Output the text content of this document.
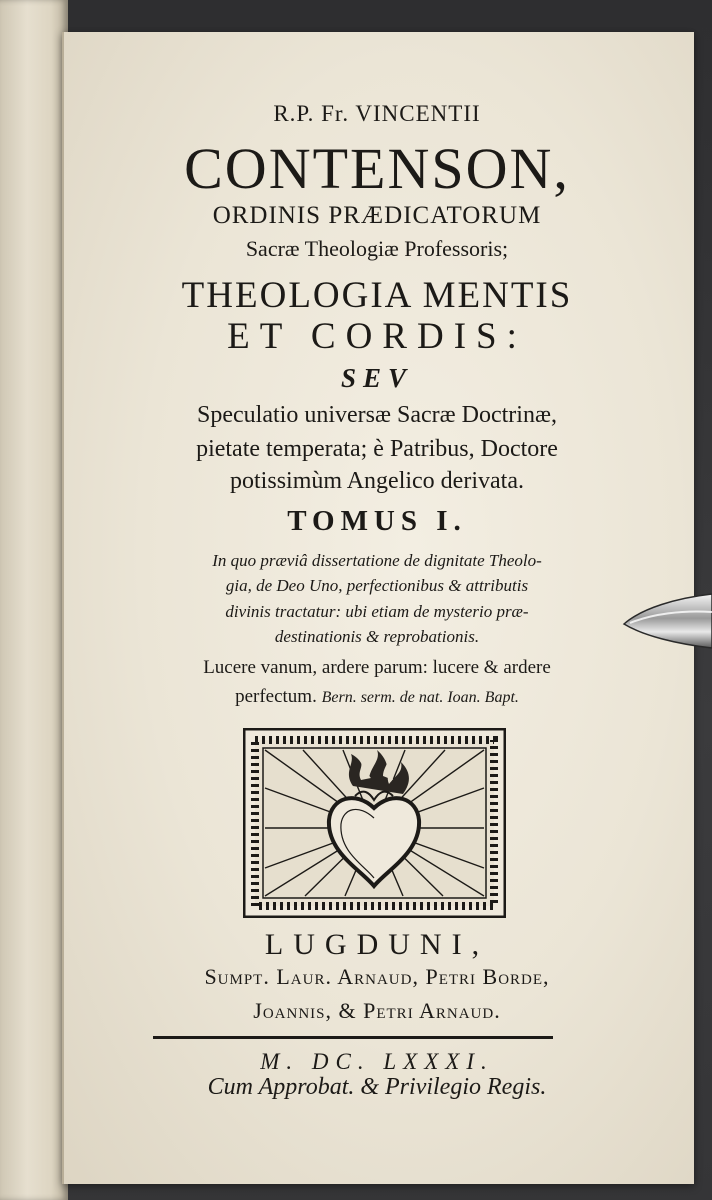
R.P. Fr. VINCENTII
CONTENSON,
ORDINIS PRÆDICATORUM
Sacræ Theologiæ Professoris;
THEOLOGIA MENTIS
ET CORDIS:
SEV
Speculatio universæ Sacræ Doctrinæ,
pietate temperata; è Patribus, Doctore
potissimùm Angelico derivata.
TOMUS I.
In quo præviâ dissertatione de dignitate Theolo-
gia, de Deo Uno, perfectionibus & attributis
divinis tractatur: ubi etiam de mysterio præ-
destinationis & reprobationis.
Lucere vanum, ardere parum: lucere & ardere
perfectum. Bern. serm. de nat. Ioan. Bapt.
LUGDUNI,
Sumpt. Laur. Arnaud, Petri Borde,
Joannis, & Petri Arnaud.
M. DC. LXXXI.
Cum Approbat. & Privilegio Regis.
